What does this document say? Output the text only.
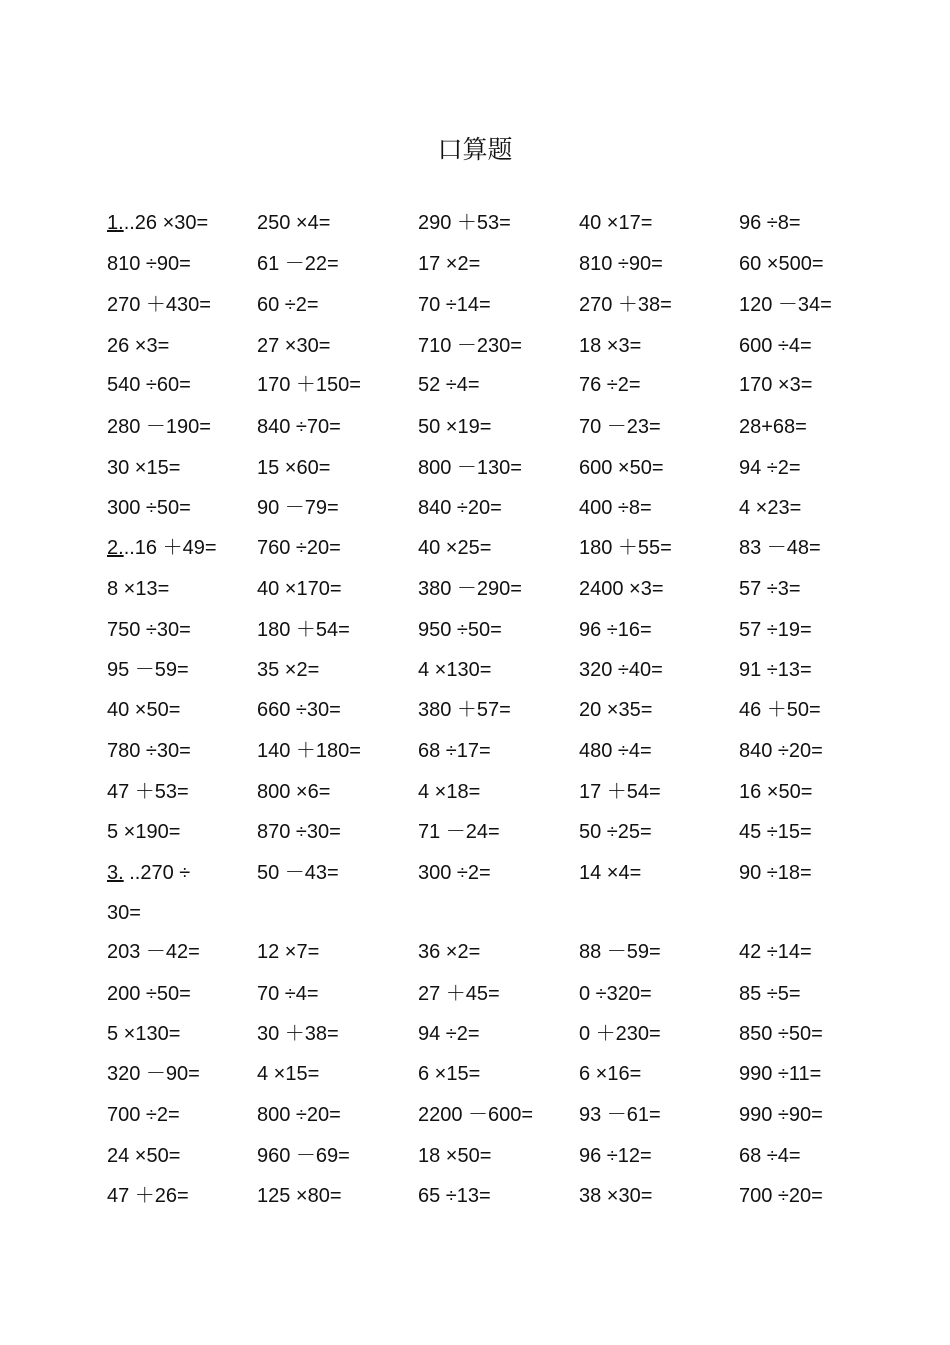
口算题
1...26 ×30= 250 ×4=	290 ＋53=	40 ×17=	96 ÷8=
810 ÷90=	61 －22=	17 ×2=	810 ÷90=	60 ×500=
270 ＋430= 60 ÷2=	70 ÷14=	270 ＋38=	120 －34=
26 ×3=	27 ×30=	710 －230=	18 ×3=	600 ÷4=
540 ÷60=	170 ＋150=	52 ÷4=	76 ÷2=	170 ×3=
280 －190= 840 ÷70=	50 ×19=	70 －23=	28+68=
30 ×15=	15 ×60=	800 －130=	600 ×50=	94 ÷2=
300 ÷50=	90 －79=	840 ÷20=	400 ÷8=	4 ×23=
2...16 ＋49= 760 ÷20=	40 ×25=	180 ＋55=	83 －48=
8 ×13=	40 ×170=	380 －290=	2400 ×3=	57 ÷3=
750 ÷30=	180 ＋54=	950 ÷50=	96 ÷16=	57 ÷19=
95 －59=	35 ×2=	4 ×130=	320 ÷40=	91 ÷13=
40 ×50=	660 ÷30=	380 ＋57=	20 ×35=	46 ＋50=
780 ÷30=	140 ＋180=	68 ÷17=	480 ÷4=	840 ÷20=
47 ＋53=	800 ×6=	4 ×18=	17 ＋54=	16 ×50=
5 ×190=	870 ÷30=	71 －24=	50 ÷25=	45 ÷15=
3. ..270 ÷	50 －43=	300 ÷2=	14 ×4=	90 ÷18=
30=
203 －42=	12 ×7=	36 ×2=	88 －59=	42 ÷14=
200 ÷50=	70 ÷4=	27 ＋45=	0 ÷320=	85 ÷5=
5 ×130=	30 ＋38=	94 ÷2=	0 ＋230=	850 ÷50=
320 －90=	4 ×15=	6 ×15=	6 ×16=	990 ÷11=
700 ÷2=	800 ÷20=	2200 －600= 93 －61=	990 ÷90=
24 ×50=	960 －69=	18 ×50=	96 ÷12=	68 ÷4=
47 ＋26=	125 ×80=	65 ÷13=	38 ×30=	700 ÷20=
